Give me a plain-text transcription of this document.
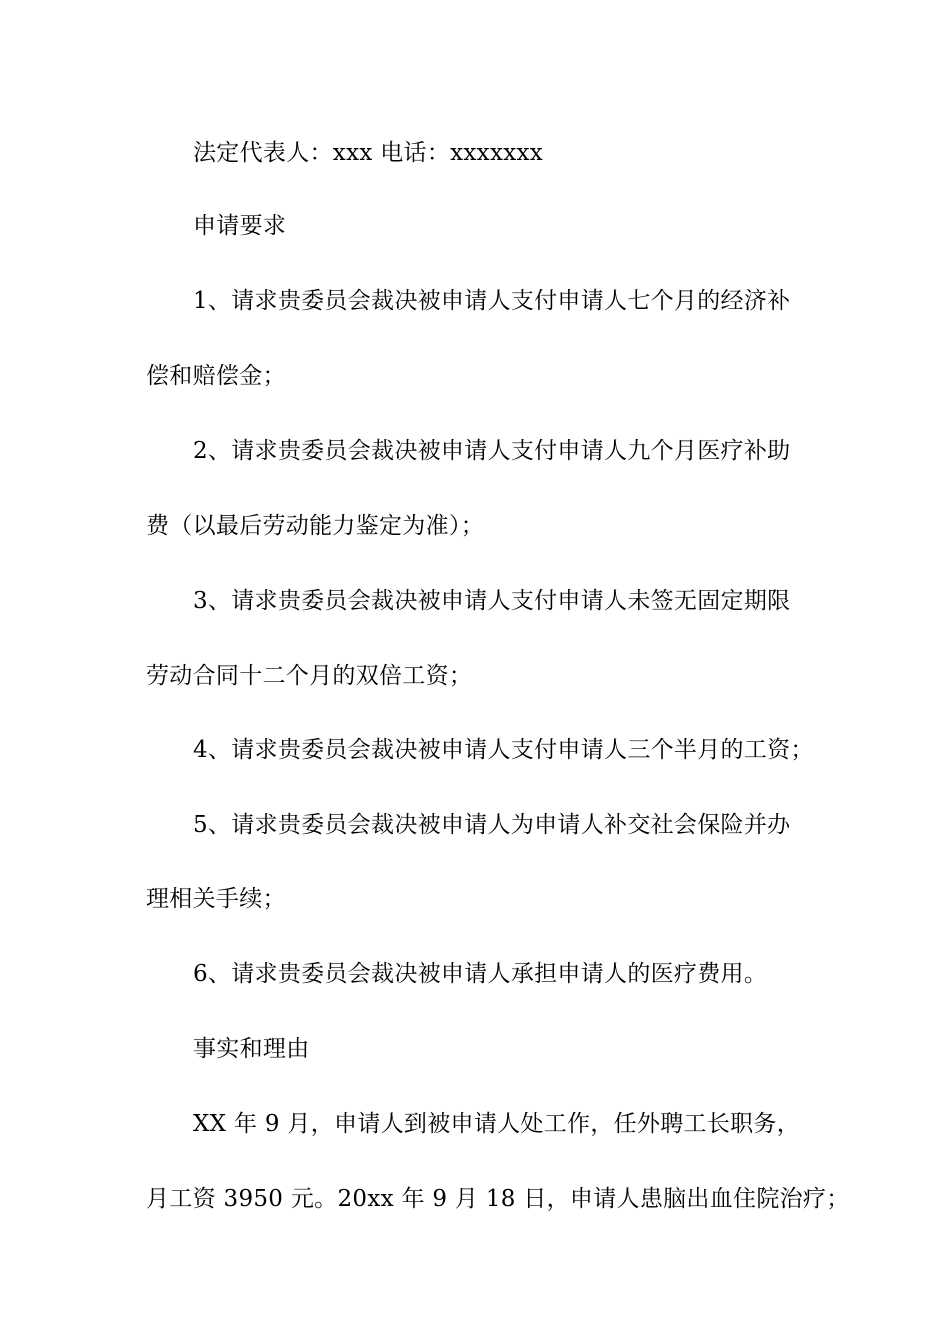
法定代表人：xxx 电话：xxxxxxx
申请要求
1、请求贵委员会裁决被申请人支付申请人七个月的经济补
偿和赔偿金；
2、请求贵委员会裁决被申请人支付申请人九个月医疗补助
费（以最后劳动能力鉴定为准）；
3、请求贵委员会裁决被申请人支付申请人未签无固定期限
劳动合同十二个月的双倍工资；
4、请求贵委员会裁决被申请人支付申请人三个半月的工资；
5、请求贵委员会裁决被申请人为申请人补交社会保险并办
理相关手续；
6、请求贵委员会裁决被申请人承担申请人的医疗费用。
事实和理由
XX 年 9 月，申请人到被申请人处工作，任外聘工长职务，
月工资 3950 元。20xx 年 9 月 18 日，申请人患脑出血住院治疗；
